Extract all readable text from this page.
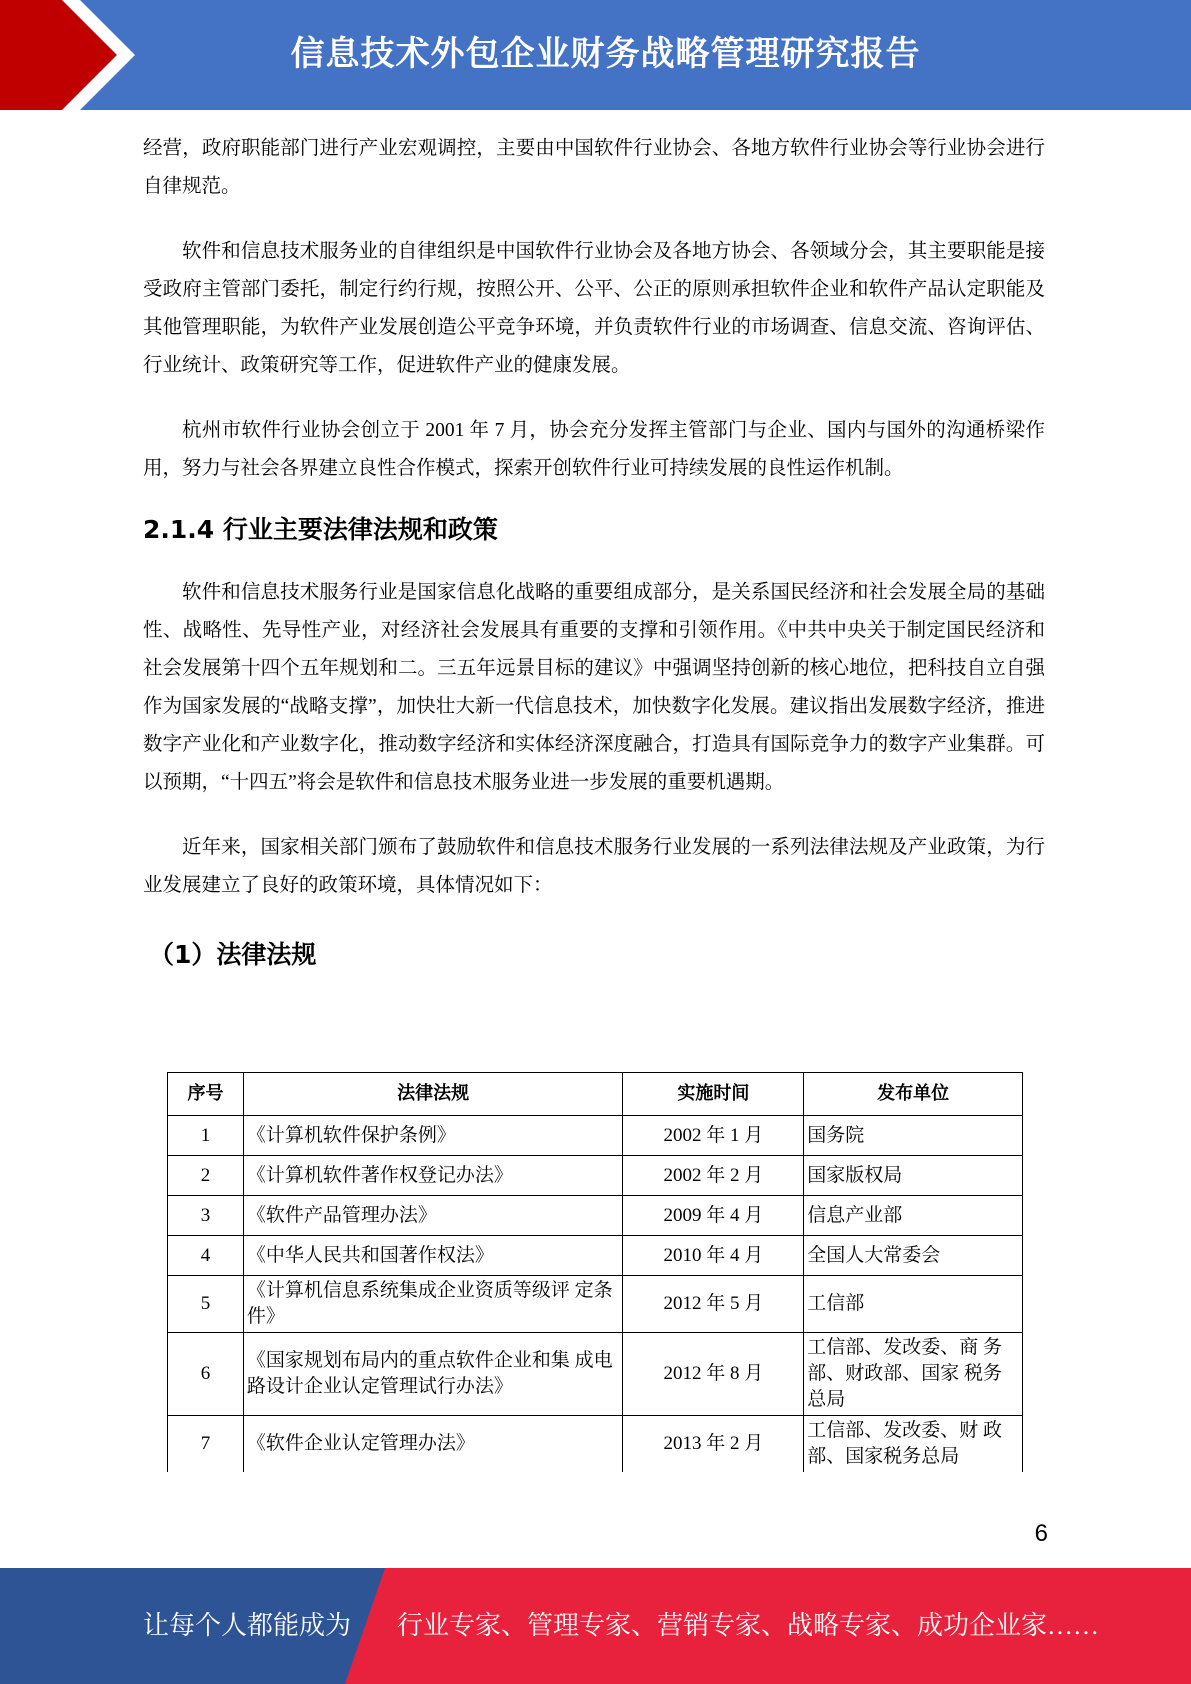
信息技术外包企业财务战略管理研究报告

经营，政府职能部门进行产业宏观调控，主要由中国软件行业协会、各地方软件行业协会等行业协会进行自律规范。

软件和信息技术服务业的自律组织是中国软件行业协会及各地方协会、各领域分会，其主要职能是接受政府主管部门委托，制定行约行规，按照公开、公平、公正的原则承担软件企业和软件产品认定职能及其他管理职能，为软件产业发展创造公平竞争环境，并负责软件行业的市场调查、信息交流、咨询评估、行业统计、政策研究等工作，促进软件产业的健康发展。

杭州市软件行业协会创立于 2001 年 7 月，协会充分发挥主管部门与企业、国内与国外的沟通桥梁作用，努力与社会各界建立良性合作模式，探索开创软件行业可持续发展的良性运作机制。

2.1.4 行业主要法律法规和政策

软件和信息技术服务行业是国家信息化战略的重要组成部分，是关系国民经济和社会发展全局的基础性、战略性、先导性产业，对经济社会发展具有重要的支撑和引领作用。《中共中央关于制定国民经济和社会发展第十四个五年规划和二。三五年远景目标的建议》中强调坚持创新的核心地位，把科技自立自强作为国家发展的“战略支撑”，加快壮大新一代信息技术，加快数字化发展。建议指出发展数字经济，推进数字产业化和产业数字化，推动数字经济和实体经济深度融合，打造具有国际竞争力的数字产业集群。可以预期，“十四五”将会是软件和信息技术服务业进一步发展的重要机遇期。

近年来，国家相关部门颁布了鼓励软件和信息技术服务行业发展的一系列法律法规及产业政策，为行业发展建立了良好的政策环境，具体情况如下：

（1）法律法规
序号	法律法规	实施时间	发布单位
1	《计算机软件保护条例》	2002 年 1 月	国务院
2	《计算机软件著作权登记办法》	2002 年 2 月	国家版权局
3	《软件产品管理办法》	2009 年 4 月	信息产业部
4	《中华人民共和国著作权法》	2010 年 4 月	全国人大常委会
5	《计算机信息系统集成企业资质等级评 定条件》	2012 年 5 月	工信部
6	《国家规划布局内的重点软件企业和集 成电路设计企业认定管理试行办法》	2012 年 8 月	工信部、发改委、商 务部、财政部、国家 税务总局
7	《软件企业认定管理办法》	2013 年 2 月	工信部、发改委、财 政部、国家税务总局
6
让每个人都能成为 行业专家、管理专家、营销专家、战略专家、成功企业家……
